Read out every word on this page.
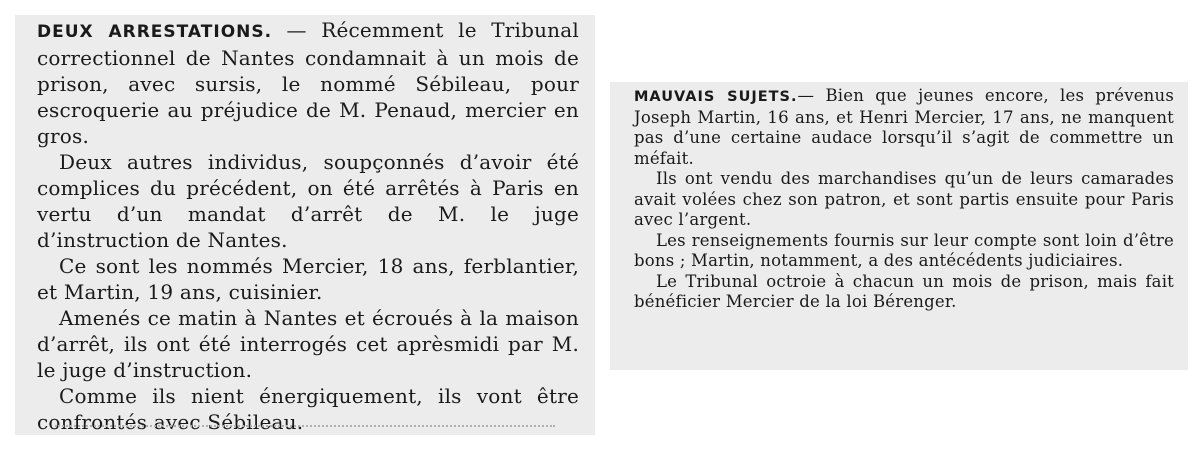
DEUX ARRESTATIONS. — Récemment le Tribunal correctionnel de Nantes condamnait à un mois de prison, avec sursis, le nommé Sébileau, pour escroquerie au préjudice de M. Penaud, mercier en gros.

Deux autres individus, soupçonnés d’avoir été complices du précédent, on été arrêtés à Paris en vertu d’un mandat d’arrêt de M. le juge d’instruction de Nantes.

Ce sont les nommés Mercier, 18 ans, ferblantier, et Martin, 19 ans, cuisinier.

Amenés ce matin à Nantes et écroués à la maison d’arrêt, ils ont été interrogés cet aprèsmidi par M. le juge d’instruction.

Comme ils nient énergiquement, ils vont être confrontés avec Sébileau.

MAUVAIS SUJETS.— Bien que jeunes encore, les prévenus Joseph Martin, 16 ans, et Henri Mercier, 17 ans, ne manquent pas d’une certaine audace lorsqu’il s’agit de commettre un méfait.

Ils ont vendu des marchandises qu’un de leurs camarades avait volées chez son patron, et sont partis ensuite pour Paris avec l’argent.

Les renseignements fournis sur leur compte sont loin d’être bons ; Martin, notamment, a des antécédents judiciaires.

Le Tribunal octroie à chacun un mois de prison, mais fait bénéficier Mercier de la loi Bérenger.
